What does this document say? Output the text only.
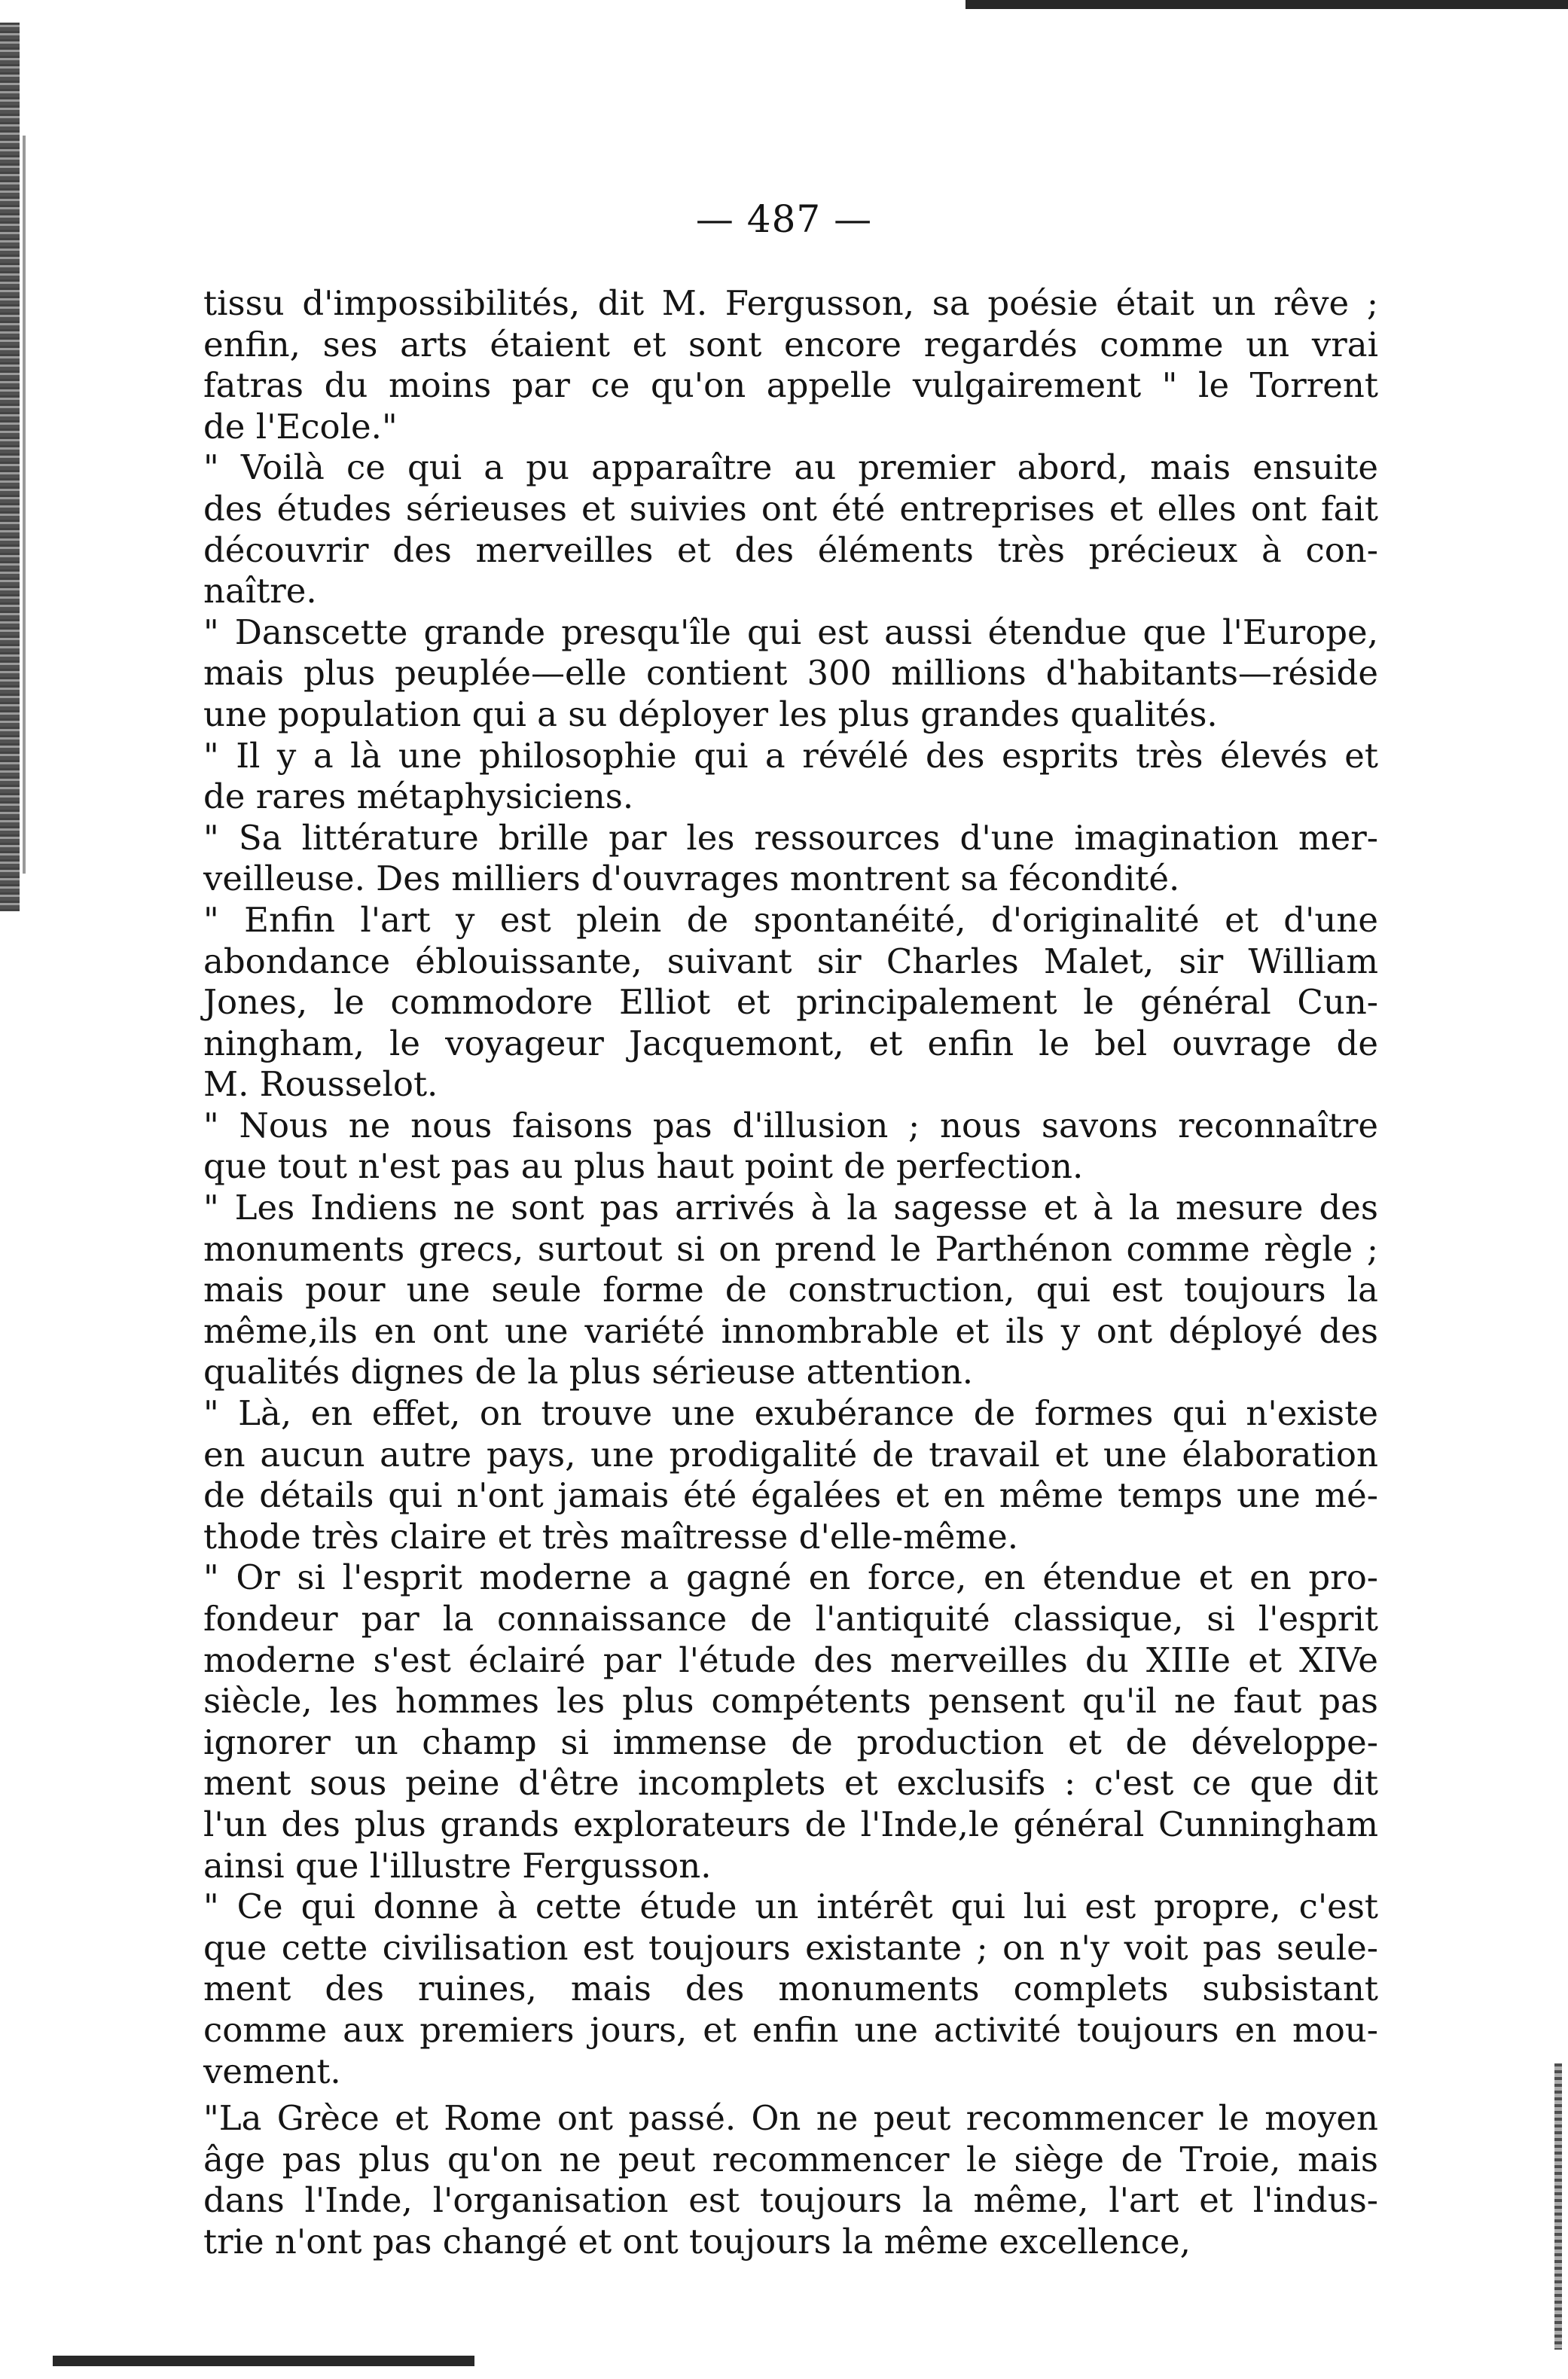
— 487 —
tissu d'impossibilités, dit M. Fergusson, sa poésie était un rêve ;
enfin, ses arts étaient et sont encore regardés comme un vrai
fatras du moins par ce qu'on appelle vulgairement " le Torrent
de l'Ecole."
" Voilà ce qui a pu apparaître au premier abord, mais ensuite
des études sérieuses et suivies ont été entreprises et elles ont fait
découvrir des merveilles et des éléments très précieux à con-
naître.
" Danscette grande presqu'île qui est aussi étendue que l'Europe,
mais plus peuplée—elle contient 300 millions d'habitants—réside
une population qui a su déployer les plus grandes qualités.
" Il y a là une philosophie qui a révélé des esprits très élevés et
de rares métaphysiciens.
" Sa littérature brille par les ressources d'une imagination mer-
veilleuse. Des milliers d'ouvrages montrent sa fécondité.
" Enfin l'art y est plein de spontanéité, d'originalité et d'une
abondance éblouissante, suivant sir Charles Malet, sir William
Jones, le commodore Elliot et principalement le général Cun-
ningham, le voyageur Jacquemont, et enfin le bel ouvrage de
M. Rousselot.
" Nous ne nous faisons pas d'illusion ; nous savons reconnaître
que tout n'est pas au plus haut point de perfection.
" Les Indiens ne sont pas arrivés à la sagesse et à la mesure des
monuments grecs, surtout si on prend le Parthénon comme règle ;
mais pour une seule forme de construction, qui est toujours la
même,ils en ont une variété innombrable et ils y ont déployé des
qualités dignes de la plus sérieuse attention.
" Là, en effet, on trouve une exubérance de formes qui n'existe
en aucun autre pays, une prodigalité de travail et une élaboration
de détails qui n'ont jamais été égalées et en même temps une mé-
thode très claire et très maîtresse d'elle-même.
" Or si l'esprit moderne a gagné en force, en étendue et en pro-
fondeur par la connaissance de l'antiquité classique, si l'esprit
moderne s'est éclairé par l'étude des merveilles du XIIIe et XIVe
siècle, les hommes les plus compétents pensent qu'il ne faut pas
ignorer un champ si immense de production et de développe-
ment sous peine d'être incomplets et exclusifs : c'est ce que dit
l'un des plus grands explorateurs de l'Inde,le général Cunningham
ainsi que l'illustre Fergusson.
" Ce qui donne à cette étude un intérêt qui lui est propre, c'est
que cette civilisation est toujours existante ; on n'y voit pas seule-
ment des ruines, mais des monuments complets subsistant
comme aux premiers jours, et enfin une activité toujours en mou-
vement.
"La Grèce et Rome ont passé. On ne peut recommencer le moyen
âge pas plus qu'on ne peut recommencer le siège de Troie, mais
dans l'Inde, l'organisation est toujours la même, l'art et l'indus-
trie n'ont pas changé et ont toujours la même excellence,
